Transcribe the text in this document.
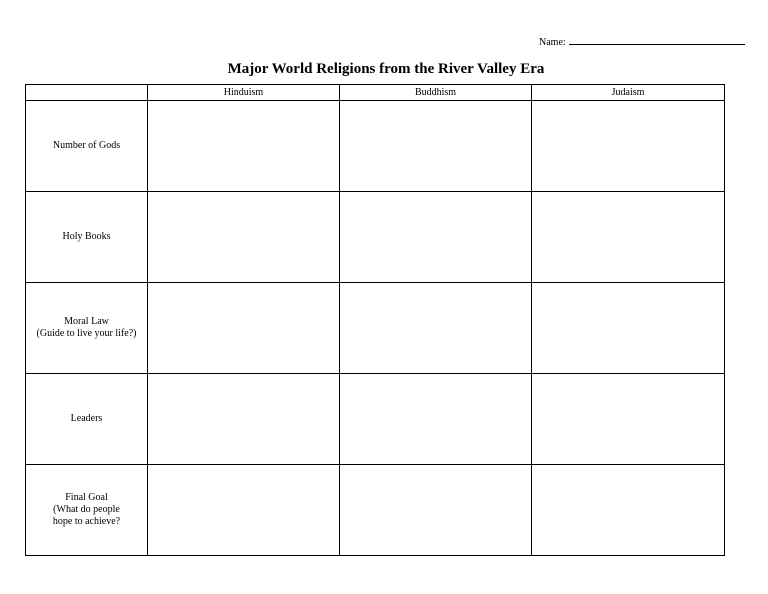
Name:
Major World Religions from the River Valley Era
	Hinduism	Buddhism	Judaism

Number of Gods			

Holy Books			

Moral Law
(Guide to live your life?)			

Leaders			

Final Goal
(What do people
hope to achieve?			
